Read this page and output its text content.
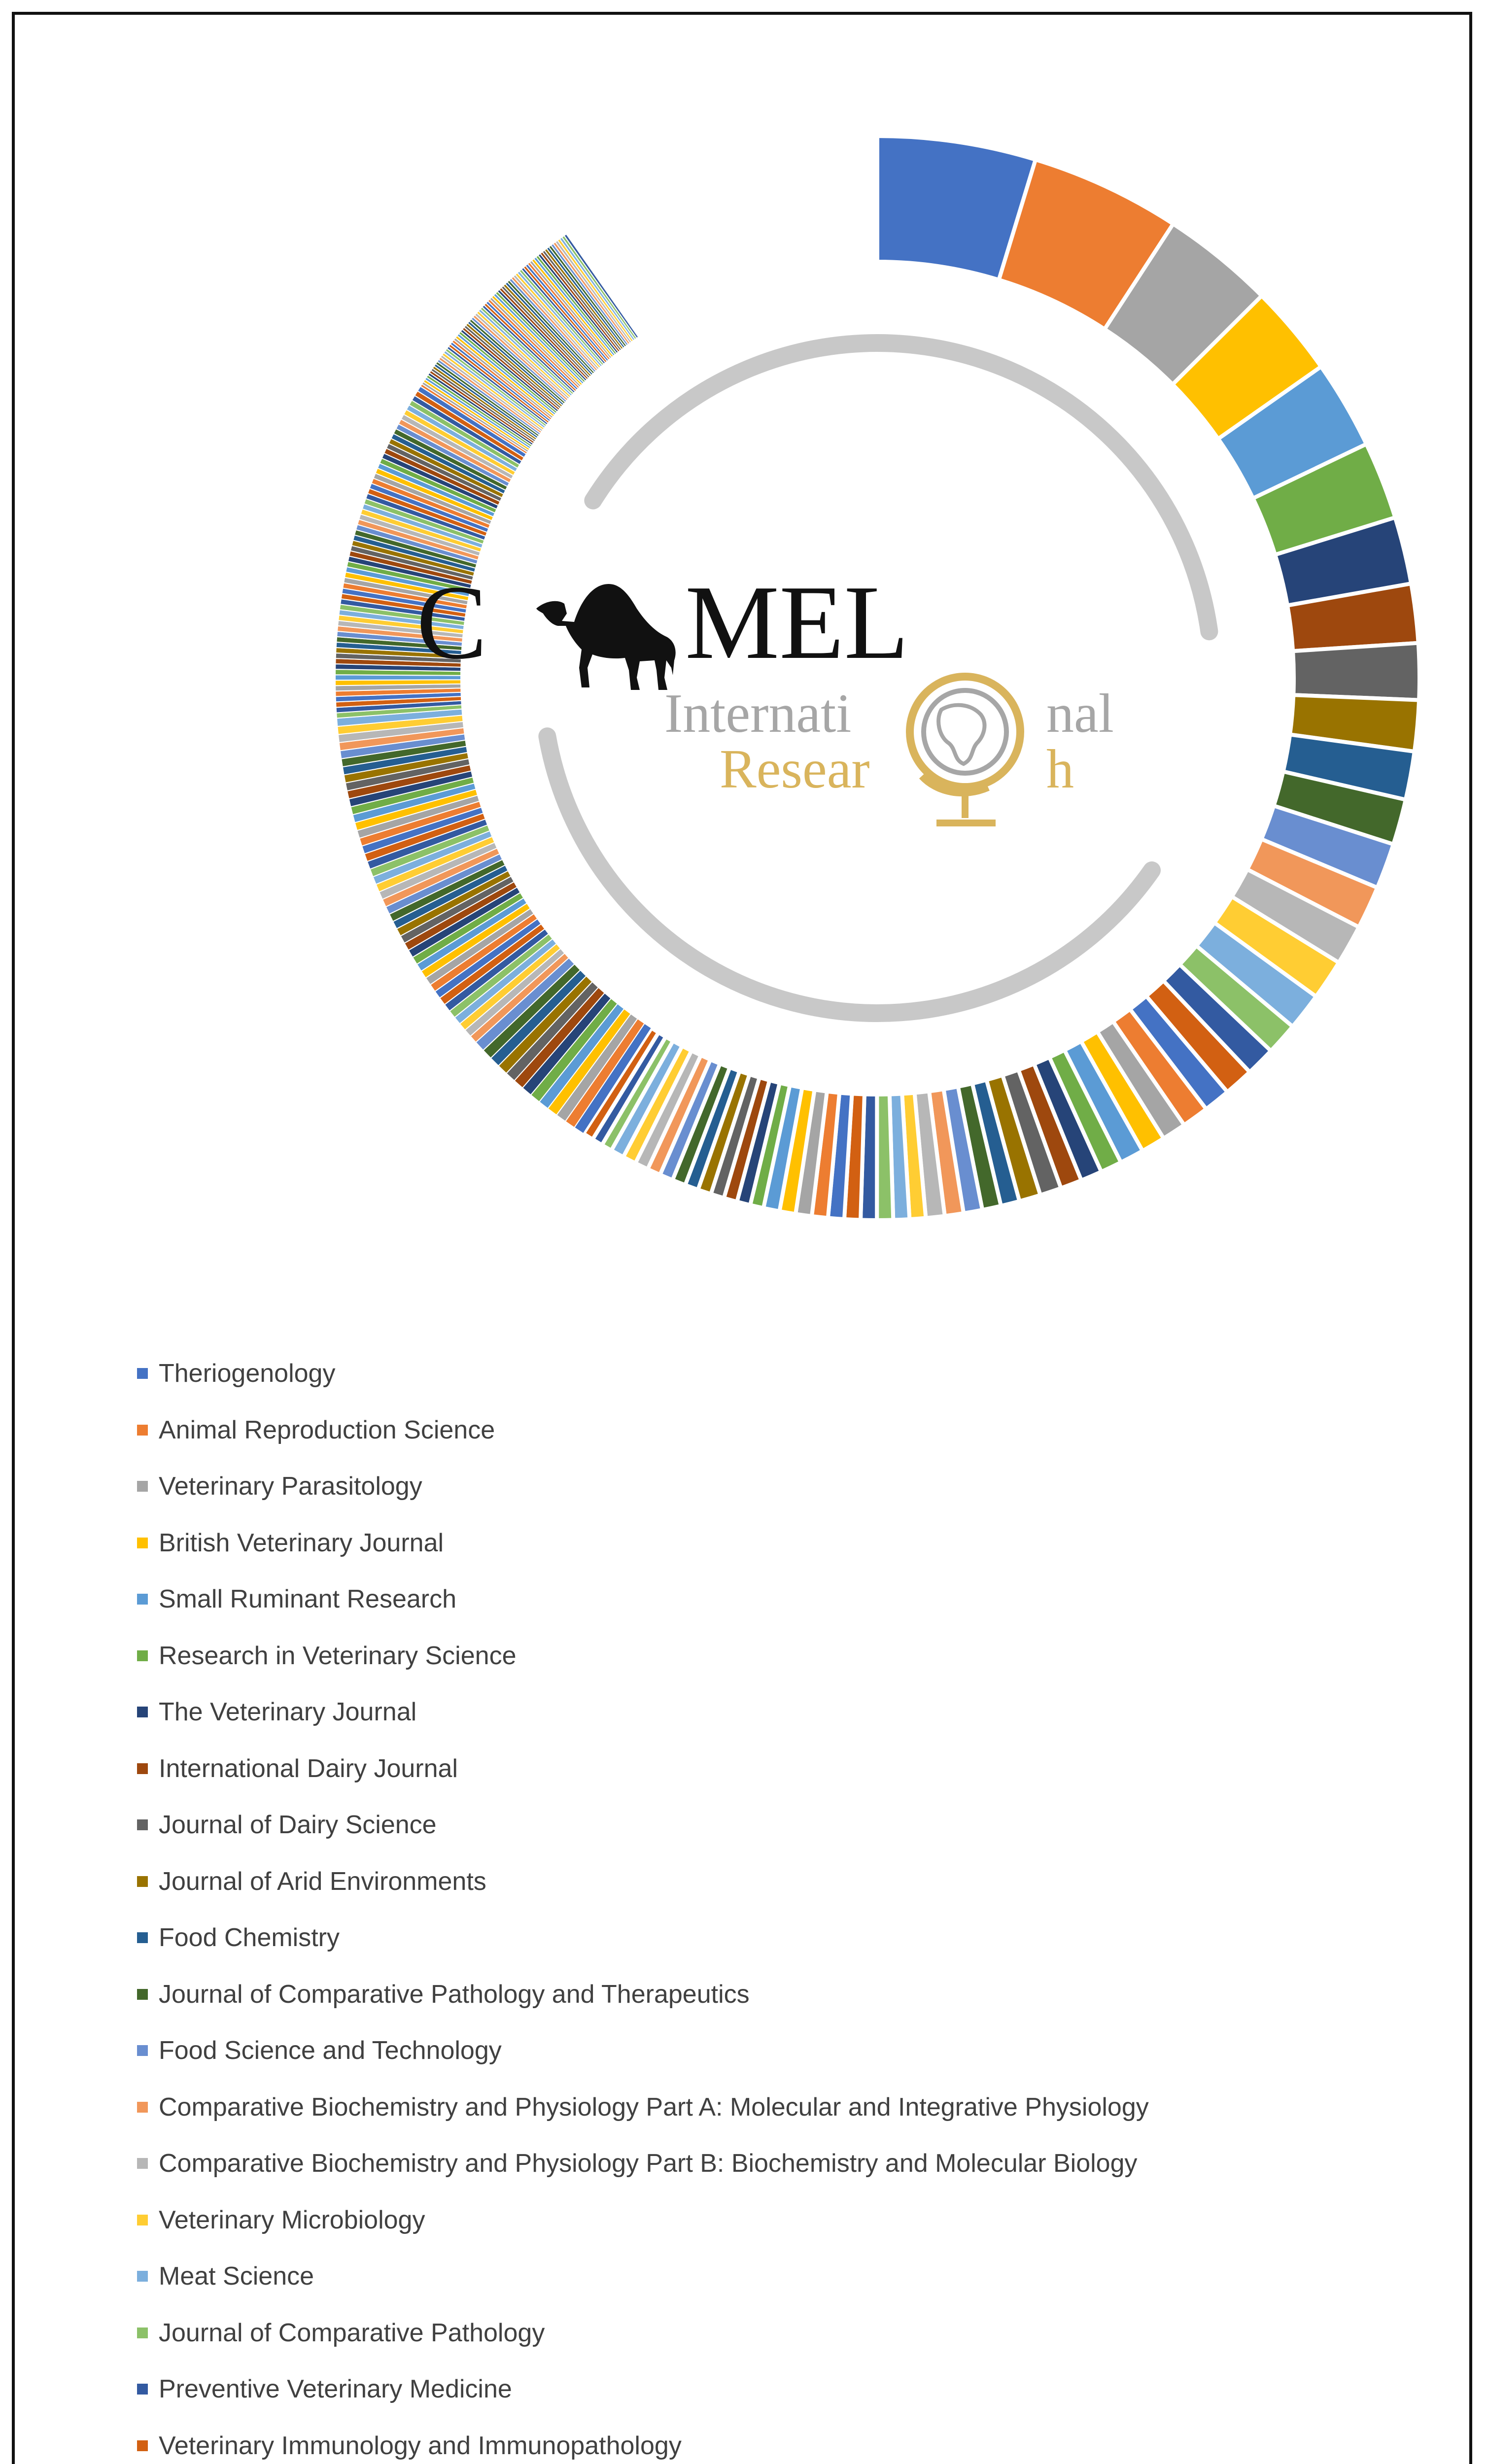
C MEL
Internati	nal
Resear	h
Theriogenology
Animal Reproduction Science
Veterinary Parasitology
British Veterinary Journal
Small Ruminant Research
Research in Veterinary Science
The Veterinary Journal
International Dairy Journal
Journal of Dairy Science
Journal of Arid Environments
Food Chemistry
Journal of Comparative Pathology and Therapeutics
Food Science and Technology
Comparative Biochemistry and Physiology Part A: Molecular and Integrative Physiology
Comparative Biochemistry and Physiology Part B: Biochemistry and Molecular Biology
Veterinary Microbiology
Meat Science
Journal of Comparative Pathology
Preventive Veterinary Medicine
Veterinary Immunology and Immunopathology
